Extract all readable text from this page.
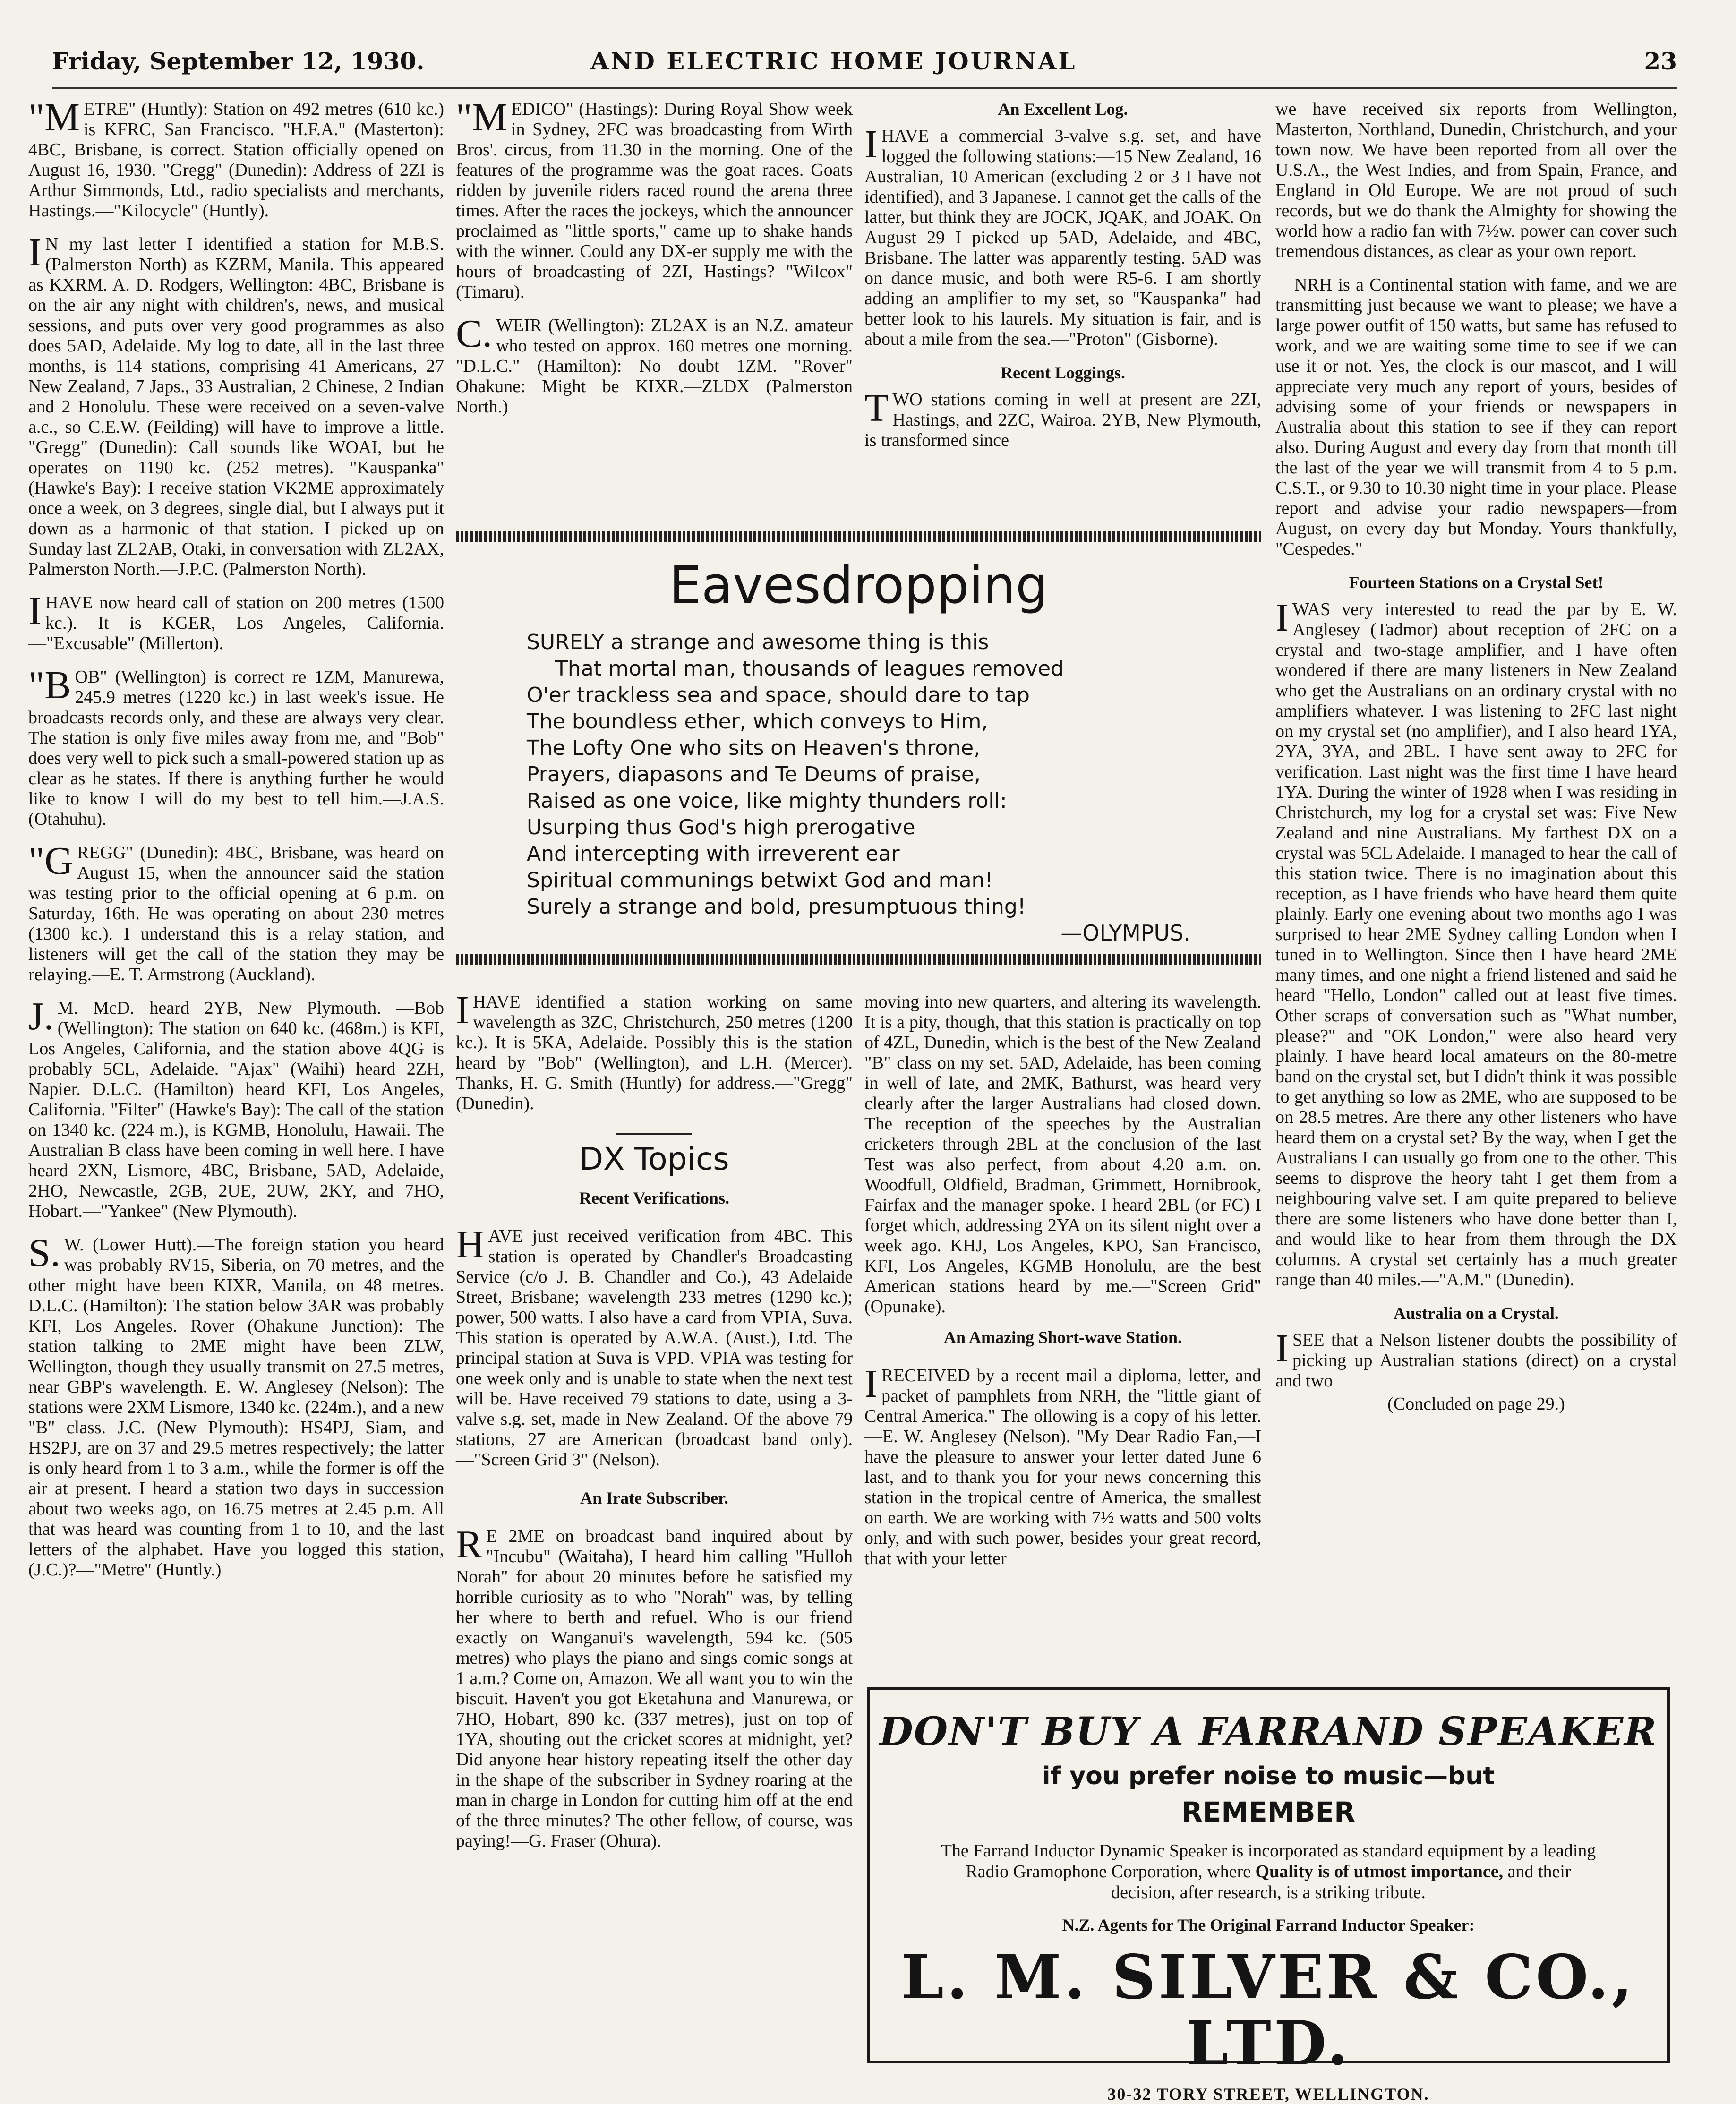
Friday, September 12, 1930.	AND ELECTRIC HOME JOURNAL	23

"METRE" (Huntly): Station on 492 metres (610 kc.) is KFRC, San Francisco. "H.F.A." (Masterton): 4BC, Brisbane, is correct. Station officially opened on August 16, 1930. "Gregg" (Dunedin): Address of 2ZI is Arthur Simmonds, Ltd., radio specialists and merchants, Hastings.—"Kilocycle" (Huntly).

I N my last letter I identified a station for M.B.S. (Palmerston North) as KZRM, Manila. This appeared as KXRM. A. D. Rodgers, Wellington: 4BC, Brisbane is on the air any night with children's, news, and musical sessions, and puts over very good programmes as also does 5AD, Adelaide. My log to date, all in the last three months, is 114 stations, comprising 41 Americans, 27 New Zealand, 7 Japs., 33 Australian, 2 Chinese, 2 Indian and 2 Honolulu. These were received on a seven-valve a.c., so C.E.W. (Feilding) will have to improve a little. "Gregg" (Dunedin): Call sounds like WOAI, but he operates on 1190 kc. (252 metres). "Kauspanka" (Hawke's Bay): I receive station VK2ME approximately once a week, on 3 degrees, single dial, but I always put it down as a harmonic of that station. I picked up on Sunday last ZL2AB, Otaki, in conversation with ZL2AX, Palmerston North.—J.P.C. (Palmerston North).

IHAVE now heard call of station on 200 metres (1500 kc.). It is KGER, Los Angeles, California.—"Excusable" (Millerton).

"BOB" (Wellington) is correct re 1ZM, Manurewa, 245.9 metres (1220 kc.) in last week's issue. He broadcasts records only, and these are always very clear. The station is only five miles away from me, and "Bob" does very well to pick such a small-powered station up as clear as he states. If there is anything further he would like to know I will do my best to tell him.—J.A.S. (Otahuhu).

"GREGG" (Dunedin): 4BC, Brisbane, was heard on August 15, when the announcer said the station was testing prior to the official opening at 6 p.m. on Saturday, 16th. He was operating on about 230 metres (1300 kc.). I understand this is a relay station, and listeners will get the call of the station they may be relaying.—E. T. Armstrong (Auckland).

J. M. McD. heard 2YB, New Plymouth. —Bob (Wellington): The station on 640 kc. (468m.) is KFI, Los Angeles, California, and the station above 4QG is probably 5CL, Adelaide. "Ajax" (Waihi) heard 2ZH, Napier. D.L.C. (Hamilton) heard KFI, Los Angeles, California. "Filter" (Hawke's Bay): The call of the station on 1340 kc. (224 m.), is KGMB, Honolulu, Hawaii. The Australian B class have been coming in well here. I have heard 2XN, Lismore, 4BC, Brisbane, 5AD, Adelaide, 2HO, Newcastle, 2GB, 2UE, 2UW, 2KY, and 7HO, Hobart.—"Yankee" (New Plymouth).

S. W. (Lower Hutt).—The foreign station you heard was probably RV15, Siberia, on 70 metres, and the other might have been KIXR, Manila, on 48 metres. D.L.C. (Hamilton): The station below 3AR was probably KFI, Los Angeles. Rover (Ohakune Junction): The station talking to 2ME might have been ZLW, Wellington, though they usually transmit on 27.5 metres, near GBP's wavelength. E. W. Anglesey (Nelson): The stations were 2XM Lismore, 1340 kc. (224m.), and a new "B" class. J.C. (New Plymouth): HS4PJ, Siam, and HS2PJ, are on 37 and 29.5 metres respectively; the latter is only heard from 1 to 3 a.m., while the former is off the air at present. I heard a station two days in succession about two weeks ago, on 16.75 metres at 2.45 p.m. All that was heard was counting from 1 to 10, and the last letters of the alphabet. Have you logged this station, (J.C.)?—"Metre" (Huntly.)

"MEDICO" (Hastings): During Royal Show week in Sydney, 2FC was broadcasting from Wirth Bros'. circus, from 11.30 in the morning. One of the features of the programme was the goat races. Goats ridden by juvenile riders raced round the arena three times. After the races the jockeys, which the announcer proclaimed as "little sports," came up to shake hands with the winner. Could any DX-er supply me with the hours of broadcasting of 2ZI, Hastings? "Wilcox" (Timaru).

C. WEIR (Wellington): ZL2AX is an N.Z. amateur who tested on approx. 160 metres one morning. "D.L.C." (Hamilton): No doubt 1ZM. "Rover" Ohakune: Might be KIXR.—ZLDX (Palmerston North.)

An Excellent Log.

I HAVE a commercial 3-valve s.g. set, and have logged the following stations:—15 New Zealand, 16 Australian, 10 American (excluding 2 or 3 I have not identified), and 3 Japanese. I cannot get the calls of the latter, but think they are JOCK, JQAK, and JOAK. On August 29 I picked up 5AD, Adelaide, and 4BC, Brisbane. The latter was apparently testing. 5AD was on dance music, and both were R5-6. I am shortly adding an amplifier to my set, so "Kauspanka" had better look to his laurels. My situation is fair, and is about a mile from the sea.—"Proton" (Gisborne).

Recent Loggings.

TWO stations coming in well at present are 2ZI, Hastings, and 2ZC, Wairoa. 2YB, New Plymouth, is transformed since

we have received six reports from Wellington, Masterton, Northland, Dunedin, Christchurch, and your town now. We have been reported from all over the U.S.A., the West Indies, and from Spain, France, and England in Old Europe. We are not proud of such records, but we do thank the Almighty for showing the world how a radio fan with 7½w. power can cover such tremendous distances, as clear as your own report.

NRH is a Continental station with fame, and we are transmitting just because we want to please; we have a large power outfit of 150 watts, but same has refused to work, and we are waiting some time to see if we can use it or not. Yes, the clock is our mascot, and I will appreciate very much any report of yours, besides of advising some of your friends or newspapers in Australia about this station to see if they can report also. During August and every day from that month till the last of the year we will transmit from 4 to 5 p.m. C.S.T., or 9.30 to 10.30 night time in your place. Please report and advise your radio newspapers—from August, on every day but Monday. Yours thankfully, "Cespedes."

Fourteen Stations on a Crystal Set!

I WAS very interested to read the par by E. W. Anglesey (Tadmor) about reception of 2FC on a crystal and two-stage amplifier, and I have often wondered if there are many listeners in New Zealand who get the Australians on an ordinary crystal with no amplifiers whatever. I was listening to 2FC last night on my crystal set (no amplifier), and I also heard 1YA, 2YA, 3YA, and 2BL. I have sent away to 2FC for verification. Last night was the first time I have heard 1YA. During the winter of 1928 when I was residing in Christchurch, my log for a crystal set was: Five New Zealand and nine Australians. My farthest DX on a crystal was 5CL Adelaide. I managed to hear the call of this station twice. There is no imagination about this reception, as I have friends who have heard them quite plainly. Early one evening about two months ago I was surprised to hear 2ME Sydney calling London when I tuned in to Wellington. Since then I have heard 2ME many times, and one night a friend listened and said he heard "Hello, London" called out at least five times. Other scraps of conversation such as "What number, please?" and "OK London," were also heard very plainly. I have heard local amateurs on the 80-metre band on the crystal set, but I didn't think it was possible to get anything so low as 2ME, who are supposed to be on 28.5 metres. Are there any other listeners who have heard them on a crystal set? By the way, when I get the Australians I can usually go from one to the other. This seems to disprove the heory taht I get them from a neighbouring valve set. I am quite prepared to believe there are some listeners who have done better than I, and would like to hear from them through the DX columns. A crystal set certainly has a much greater range than 40 miles.—"A.M." (Dunedin).

Australia on a Crystal.

I SEE that a Nelson listener doubts the possibility of picking up Australian stations (direct) on a crystal and two

(Concluded on page 29.)
Eavesdropping
SURELY a strange and awesome thing is this
That mortal man, thousands of leagues removed
O'er trackless sea and space, should dare to tap
The boundless ether, which conveys to Him,
The Lofty One who sits on Heaven's throne,
Prayers, diapasons and Te Deums of praise,
Raised as one voice, like mighty thunders roll:
Usurping thus God's high prerogative
And intercepting with irreverent ear
Spiritual communings betwixt God and man!
Surely a strange and bold, presumptuous thing!
—OLYMPUS.

I HAVE identified a station working on same wavelength as 3ZC, Christchurch, 250 metres (1200 kc.). It is 5KA, Adelaide. Possibly this is the station heard by "Bob" (Wellington), and L.H. (Mercer). Thanks, H. G. Smith (Huntly) for address.—"Gregg" (Dunedin).

DX Topics
Recent Verifications.

HAVE just received verification from 4BC. This station is operated by Chandler's Broadcasting Service (c/o J. B. Chandler and Co.), 43 Adelaide Street, Brisbane; wavelength 233 metres (1290 kc.); power, 500 watts. I also have a card from VPIA, Suva. This station is operated by A.W.A. (Aust.), Ltd. The principal station at Suva is VPD. VPIA was testing for one week only and is unable to state when the next test will be. Have received 79 stations to date, using a 3-valve s.g. set, made in New Zealand. Of the above 79 stations, 27 are American (broadcast band only).—"Screen Grid 3" (Nelson).

An Irate Subscriber.

R E 2ME on broadcast band inquired about by "Incubu" (Waitaha), I heard him calling "Hulloh Norah" for about 20 minutes before he satisfied my horrible curiosity as to who "Norah" was, by telling her where to berth and refuel. Who is our friend exactly on Wanganui's wavelength, 594 kc. (505 metres) who plays the piano and sings comic songs at 1 a.m.? Come on, Amazon. We all want you to win the biscuit. Haven't you got Eketahuna and Manurewa, or 7HO, Hobart, 890 kc. (337 metres), just on top of 1YA, shouting out the cricket scores at midnight, yet? Did anyone hear history repeating itself the other day in the shape of the subscriber in Sydney roaring at the man in charge in London for cutting him off at the end of the three minutes? The other fellow, of course, was paying!—G. Fraser (Ohura).

moving into new quarters, and altering its wavelength. It is a pity, though, that this station is practically on top of 4ZL, Dunedin, which is the best of the New Zealand "B" class on my set. 5AD, Adelaide, has been coming in well of late, and 2MK, Bathurst, was heard very clearly after the larger Australians had closed down. The reception of the speeches by the Australian cricketers through 2BL at the conclusion of the last Test was also perfect, from about 4.20 a.m. on. Woodfull, Oldfield, Bradman, Grimmett, Hornibrook, Fairfax and the manager spoke. I heard 2BL (or FC) I forget which, addressing 2YA on its silent night over a week ago. KHJ, Los Angeles, KPO, San Francisco, KFI, Los Angeles, KGMB Honolulu, are the best American stations heard by me.—"Screen Grid" (Opunake).

An Amazing Short-wave Station.

I RECEIVED by a recent mail a diploma, letter, and packet of pamphlets from NRH, the "little giant of Central America." The ollowing is a copy of his letter.—E. W. Anglesey (Nelson). "My Dear Radio Fan,—I have the pleasure to answer your letter dated June 6 last, and to thank you for your news concerning this station in the tropical centre of America, the smallest on earth. We are working with 7½ watts and 500 volts only, and with such power, besides your great record, that with your letter

DON'T BUY A FARRAND SPEAKER
if you prefer noise to music—but
REMEMBER
The Farrand Inductor Dynamic Speaker is incorporated as standard equipment by a leading Radio Gramophone Corporation, where Quality is of utmost importance, and their decision, after research, is a striking tribute.
N.Z. Agents for The Original Farrand Inductor Speaker:
L. M. SILVER & CO., LTD.
30-32 TORY STREET, WELLINGTON.
